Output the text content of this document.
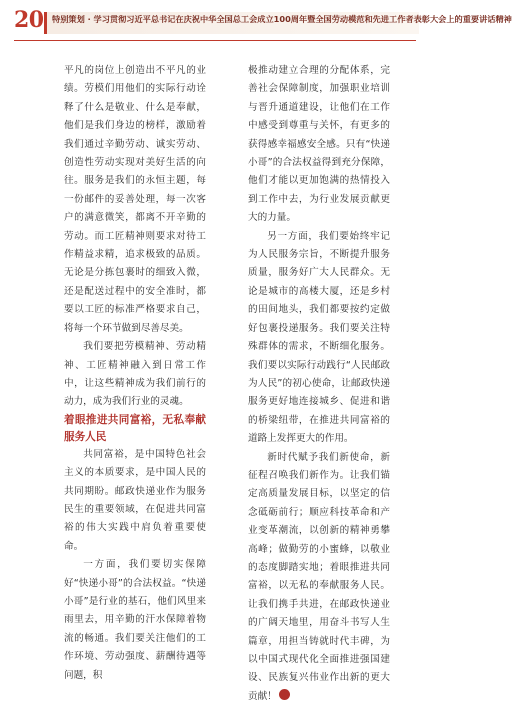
20 特别策划 · 学习贯彻习近平总书记在庆祝中华全国总工会成立100周年暨全国劳动模范和先进工作者表彰大会上的重要讲话精神

平凡的岗位上创造出不平凡的业绩。劳模们用他们的实际行动诠释了什么是敬业、什么是奉献，他们是我们身边的榜样，激励着我们通过辛勤劳动、诚实劳动、创造性劳动实现对美好生活的向往。服务是我们的永恒主题，每一份邮件的妥善处理，每一次客户的满意微笑，都离不开辛勤的劳动。而工匠精神则要求对待工作精益求精，追求极致的品质。无论是分拣包裹时的细致入微，还是配送过程中的安全准时，都要以工匠的标准严格要求自己，将每一个环节做到尽善尽美。

我们要把劳模精神、劳动精神、工匠精神融入到日常工作中，让这些精神成为我们前行的动力，成为我们行业的灵魂。

着眼推进共同富裕，无私奉献服务人民

共同富裕，是中国特色社会主义的本质要求，是中国人民的共同期盼。邮政快递业作为服务民生的重要领域，在促进共同富裕的伟大实践中肩负着重要使命。

一方面，我们要切实保障好“快递小哥”的合法权益。“快递小哥”是行业的基石，他们风里来雨里去，用辛勤的汗水保障着物流的畅通。我们要关注他们的工作环境、劳动强度、薪酬待遇等问题，积

极推动建立合理的分配体系，完善社会保障制度，加强职业培训与晋升通道建设，让他们在工作中感受到尊重与关怀，有更多的获得感幸福感安全感。只有“快递小哥”的合法权益得到充分保障，他们才能以更加饱满的热情投入到工作中去，为行业发展贡献更大的力量。

另一方面，我们要始终牢记为人民服务宗旨，不断提升服务质量，服务好广大人民群众。无论是城市的高楼大厦，还是乡村的田间地头，我们都要按约定做好包裹投递服务。我们要关注特殊群体的需求，不断细化服务。我们要以实际行动践行“人民邮政为人民”的初心使命，让邮政快递服务更好地连接城乡、促进和谐的桥梁纽带，在推进共同富裕的道路上发挥更大的作用。

新时代赋予我们新使命，新征程召唤我们新作为。让我们锚定高质量发展目标，以坚定的信念砥砺前行；顺应科技革命和产业变革潮流，以创新的精神勇攀高峰；做勤劳的小蜜蜂，以敬业的态度脚踏实地；着眼推进共同富裕，以无私的奉献服务人民。让我们携手共进，在邮政快递业的广阔天地里，用奋斗书写人生篇章，用担当铸就时代丰碑，为以中国式现代化全面推进强国建设、民族复兴伟业作出新的更大贡献！
